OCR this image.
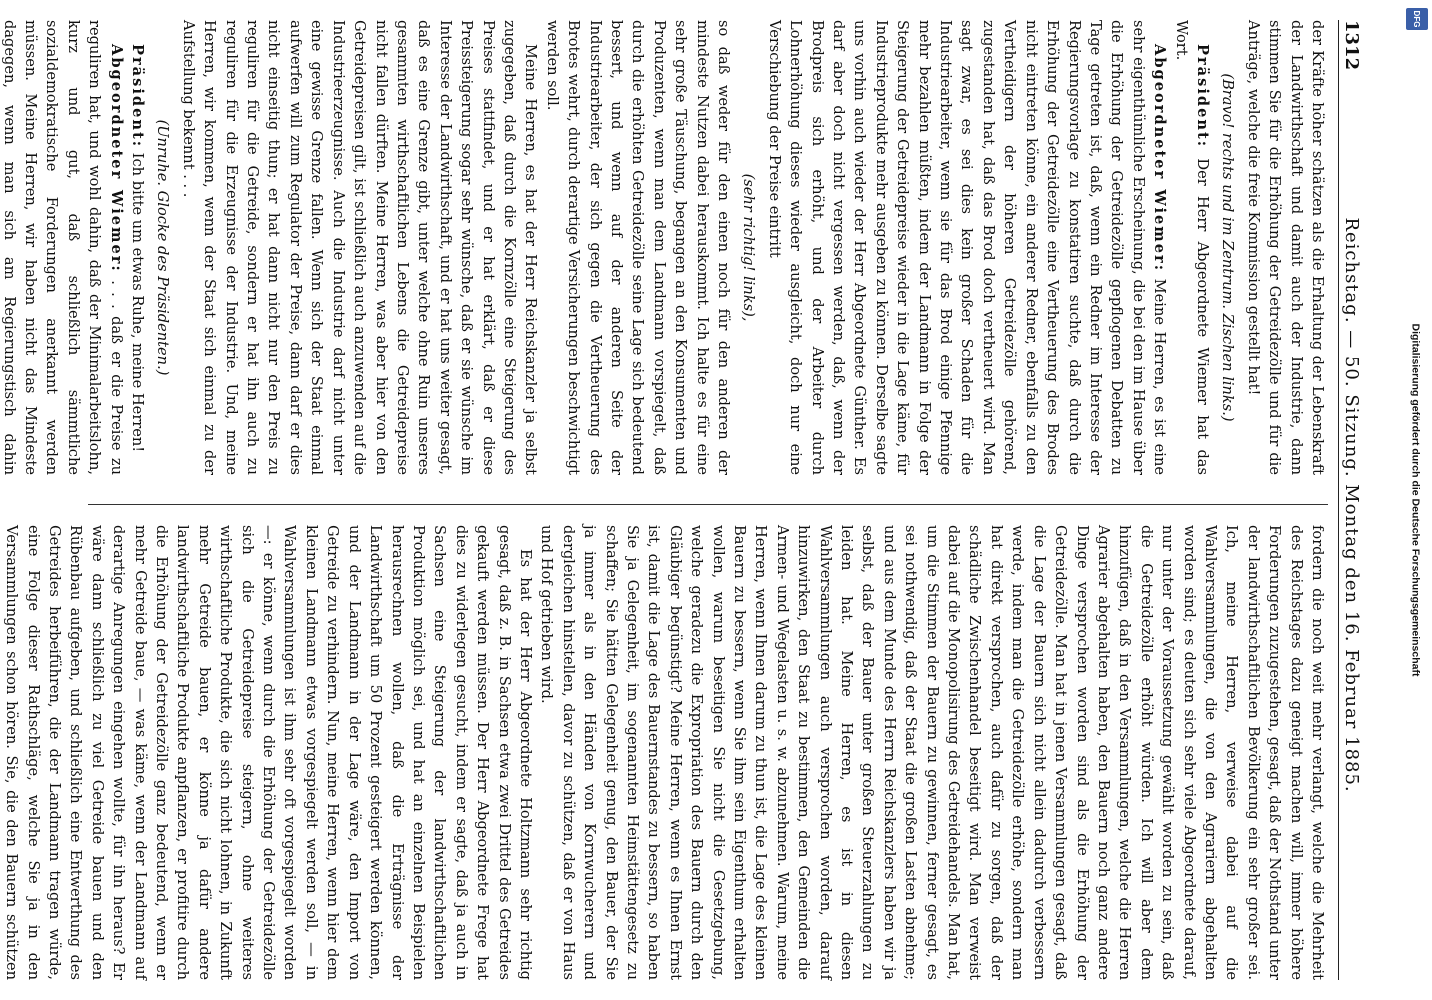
1312
Reichstag. — 50. Sitzung. Montag den 16. Februar 1885.

der Kräfte höher schätzen als die Erhaltung der Lebenskraft der Landwirthschaft und damit auch der Industrie, dann stimmen Sie für die Erhöhung der Getreidezölle und für die Anträge, welche die freie Kommission gestellt hat!

(Bravo! rechts und im Zentrum. Zischen links.)

Präsident: Der Herr Abgeordnete Wiemer hat das Wort.

Abgeordneter Wiemer: Meine Herren, es ist eine sehr eigenthümliche Erscheinung, die bei den im Hause über die Erhöhung der Getreidezölle gepflogenen Debatten zu Tage getreten ist, daß, wenn ein Redner im Interesse der Regierungsvorlage zu konstatiren suchte, daß durch die Erhöhung der Getreidezölle eine Vertheuerung des Brodes nicht eintreten könne, ein anderer Redner, ebenfalls zu den Vertheidigern der höheren Getreidezölle gehörend, zugestanden hat, daß das Brod doch vertheuert wird. Man sagt zwar, es sei dies kein großer Schaden für die Industriearbeiter, wenn sie für das Brod einige Pfennige mehr bezahlen müßten, indem der Landmann in Folge der Steigerung der Getreidepreise wieder in die Lage käme, für Industrieprodukte mehr ausgeben zu können. Derselbe sagte uns vorhin auch wieder der Herr Abgeordnete Günther. Es darf aber doch nicht vergessen werden, daß, wenn der Brodpreis sich erhöht, und der Arbeiter durch Lohnerhöhung dieses wieder ausgleicht, doch nur eine Verschiebung der Preise eintritt

(sehr richtig! links),

so daß weder für den einen noch für den anderen der mindeste Nutzen dabei herauskommt. Ich halte es für eine sehr große Täuschung, begangen an den Konsumenten und Produzenten, wenn man dem Landmann vorspiegelt, daß durch die erhöhten Getreidezölle seine Lage sich bedeutend bessert, und wenn auf der anderen Seite der Industriearbeiter, der sich gegen die Vertheuerung des Brotes wehrt, durch derartige Versicherungen beschwichtigt werden soll.

Meine Herren, es hat der Herr Reichskanzler ja selbst zugegeben, daß durch die Kornzölle eine Steigerung des Preises stattfindet, und er hat erklärt, daß er diese Preissteigerung sogar sehr wünsche, daß er sie wünsche im Interesse der Landwirthschaft, und er hat uns weiter gesagt, daß es eine Grenze gibt, unter welche ohne Ruin unseres gesammten wirthschaftlichen Lebens die Getreidepreise nicht fallen dürften. Meine Herren, was aber hier von den Getreidepreisen gilt, ist schließlich auch anzuwenden auf die Industrieerzeugnisse. Auch die Industrie darf nicht unter eine gewisse Grenze fallen. Wenn sich der Staat einmal aufwerfen will zum Regulator der Preise, dann darf er dies nicht einseitig thun; er hat dann nicht nur den Preis zu reguliren für die Getreide, sondern er hat ihn auch zu reguliren für die Erzeugnisse der Industrie. Und, meine Herren, wir kommen, wenn der Staat sich einmal zu der Aufstellung bekennt . . .

(Unruhe. Glocke des Präsidenten.)

Präsident: Ich bitte um etwas Ruhe, meine Herren!

Abgeordneter Wiemer: . . . daß er die Preise zu reguliren hat, und wohl dahin, daß der Minimalarbeitslohn, kurz und gut, daß schließlich sämmtliche sozialdemokratische Forderungen anerkannt werden müssen. Meine Herren, wir haben nicht das Mindeste dagegen, wenn man sich am Regierungstisch dahin

fordern die noch weit mehr verlangt, welche die Mehrheit des Reichstages dazu geneigt machen will, immer höhere Forderungen zuzugestehen, gesagt, daß der Nothstand unter der landwirthschaftlichen Bevölkerung ein sehr großer sei. Ich, meine Herren, verweise dabei auf die Wahlversammlungen, die von den Agrariern abgehalten worden sind; es deuten sich sehr viele Abgeordnete darauf, nur unter der Voraussetzung gewählt worden zu sein, daß die Getreidezölle erhöht würden. Ich will aber dem hinzufügen, daß in den Versammlungen, welche die Herren Agrarier abgehalten haben, den Bauern noch ganz andere Dinge versprochen worden sind als die Erhöhung der Getreidezölle. Man hat in jenen Versammlungen gesagt, daß die Lage der Bauern sich nicht allein dadurch verbessern werde, indem man die Getreidezölle erhöhe, sondern man hat direkt versprochen, auch dafür zu sorgen, daß der schädliche Zwischenhandel beseitigt wird. Man verweist dabei auf die Monopolisirung des Getreidehandels. Man hat, um die Stimmen der Bauern zu gewinnen, ferner gesagt, es sei nothwendig, daß der Staat die großen Lasten abnehme; und aus dem Munde des Herrn Reichskanzlers haben wir ja selbst, daß der Bauer unter großen Steuerzahlungen zu leiden hat. Meine Herren, es ist in diesen Wahlversammlungen auch versprochen worden, darauf hinzuwirken, den Staat zu bestimmen, den Gemeinden die Armen- und Wegelasten u. s. w. abzunehmen. Warum, meine Herren, wenn Ihnen darum zu thun ist, die Lage des kleinen Bauern zu bessern, wenn Sie ihm sein Eigenthum erhalten wollen, warum beseitigen Sie nicht die Gesetzgebung, welche geradezu die Expropriation des Bauern durch den Gläubiger begünstigt? Meine Herren, wenn es Ihnen Ernst ist, damit die Lage des Bauernstandes zu bessern, so haben Sie ja Gelegenheit, im sogenannten Heimstättengesetz zu schaffen; Sie hätten Gelegenheit genug, den Bauer, der Sie ja immer als in den Händen von Kornwucherern und dergleichen hinstellen, davor zu schützen, daß er von Haus und Hof getrieben wird.

Es hat der Herr Abgeordnete Holtzmann sehr richtig gesagt, daß z. B. in Sachsen etwa zwei Drittel des Getreides gekauft werden müssen. Der Herr Abgeordnete Frege hat dies zu widerlegen gesucht, indem er sagte, daß ja auch in Sachsen eine Steigerung der landwirthschaftlichen Produktion möglich sei, und hat an einzelnen Beispielen herausrechnen wollen, daß die Erträgnisse der Landwirthschaft um 50 Prozent gesteigert werden können, und der Landmann in der Lage wäre, den Import von Getreide zu verhindern. Nun, meine Herren, wenn hier dem kleinen Landmann etwas vorgespiegelt werden soll, — in Wahlversammlungen ist ihm sehr oft vorgespiegelt worden —: er könne, wenn durch die Erhöhung der Getreidezölle sich die Getreidepreise steigern, ohne weiteres wirthschaftliche Produkte, die sich nicht lohnen, in Zukunft mehr Getreide bauen, er könne ja dafür andere landwirthschaftliche Produkte anpflanzen, er profitire durch die Erhöhung der Getreidezölle ganz bedeutend, wenn er mehr Getreide baue, — was käme, wenn der Landmann auf derartige Anregungen eingehen wollte, für ihn heraus? Er wäre dann schließlich zu viel Getreide bauen und den Rübenbau aufgeben, und schließlich eine Entwerthung des Getreides herbeiführen, die der Landmann tragen würde, eine Folge dieser Rathschläge, welche Sie ja in den Versammlungen schon hören. Sie, die den Bauern schützen

DFG
Digitalisierung gefördert durch die Deutsche Forschungsgemeinschaft
